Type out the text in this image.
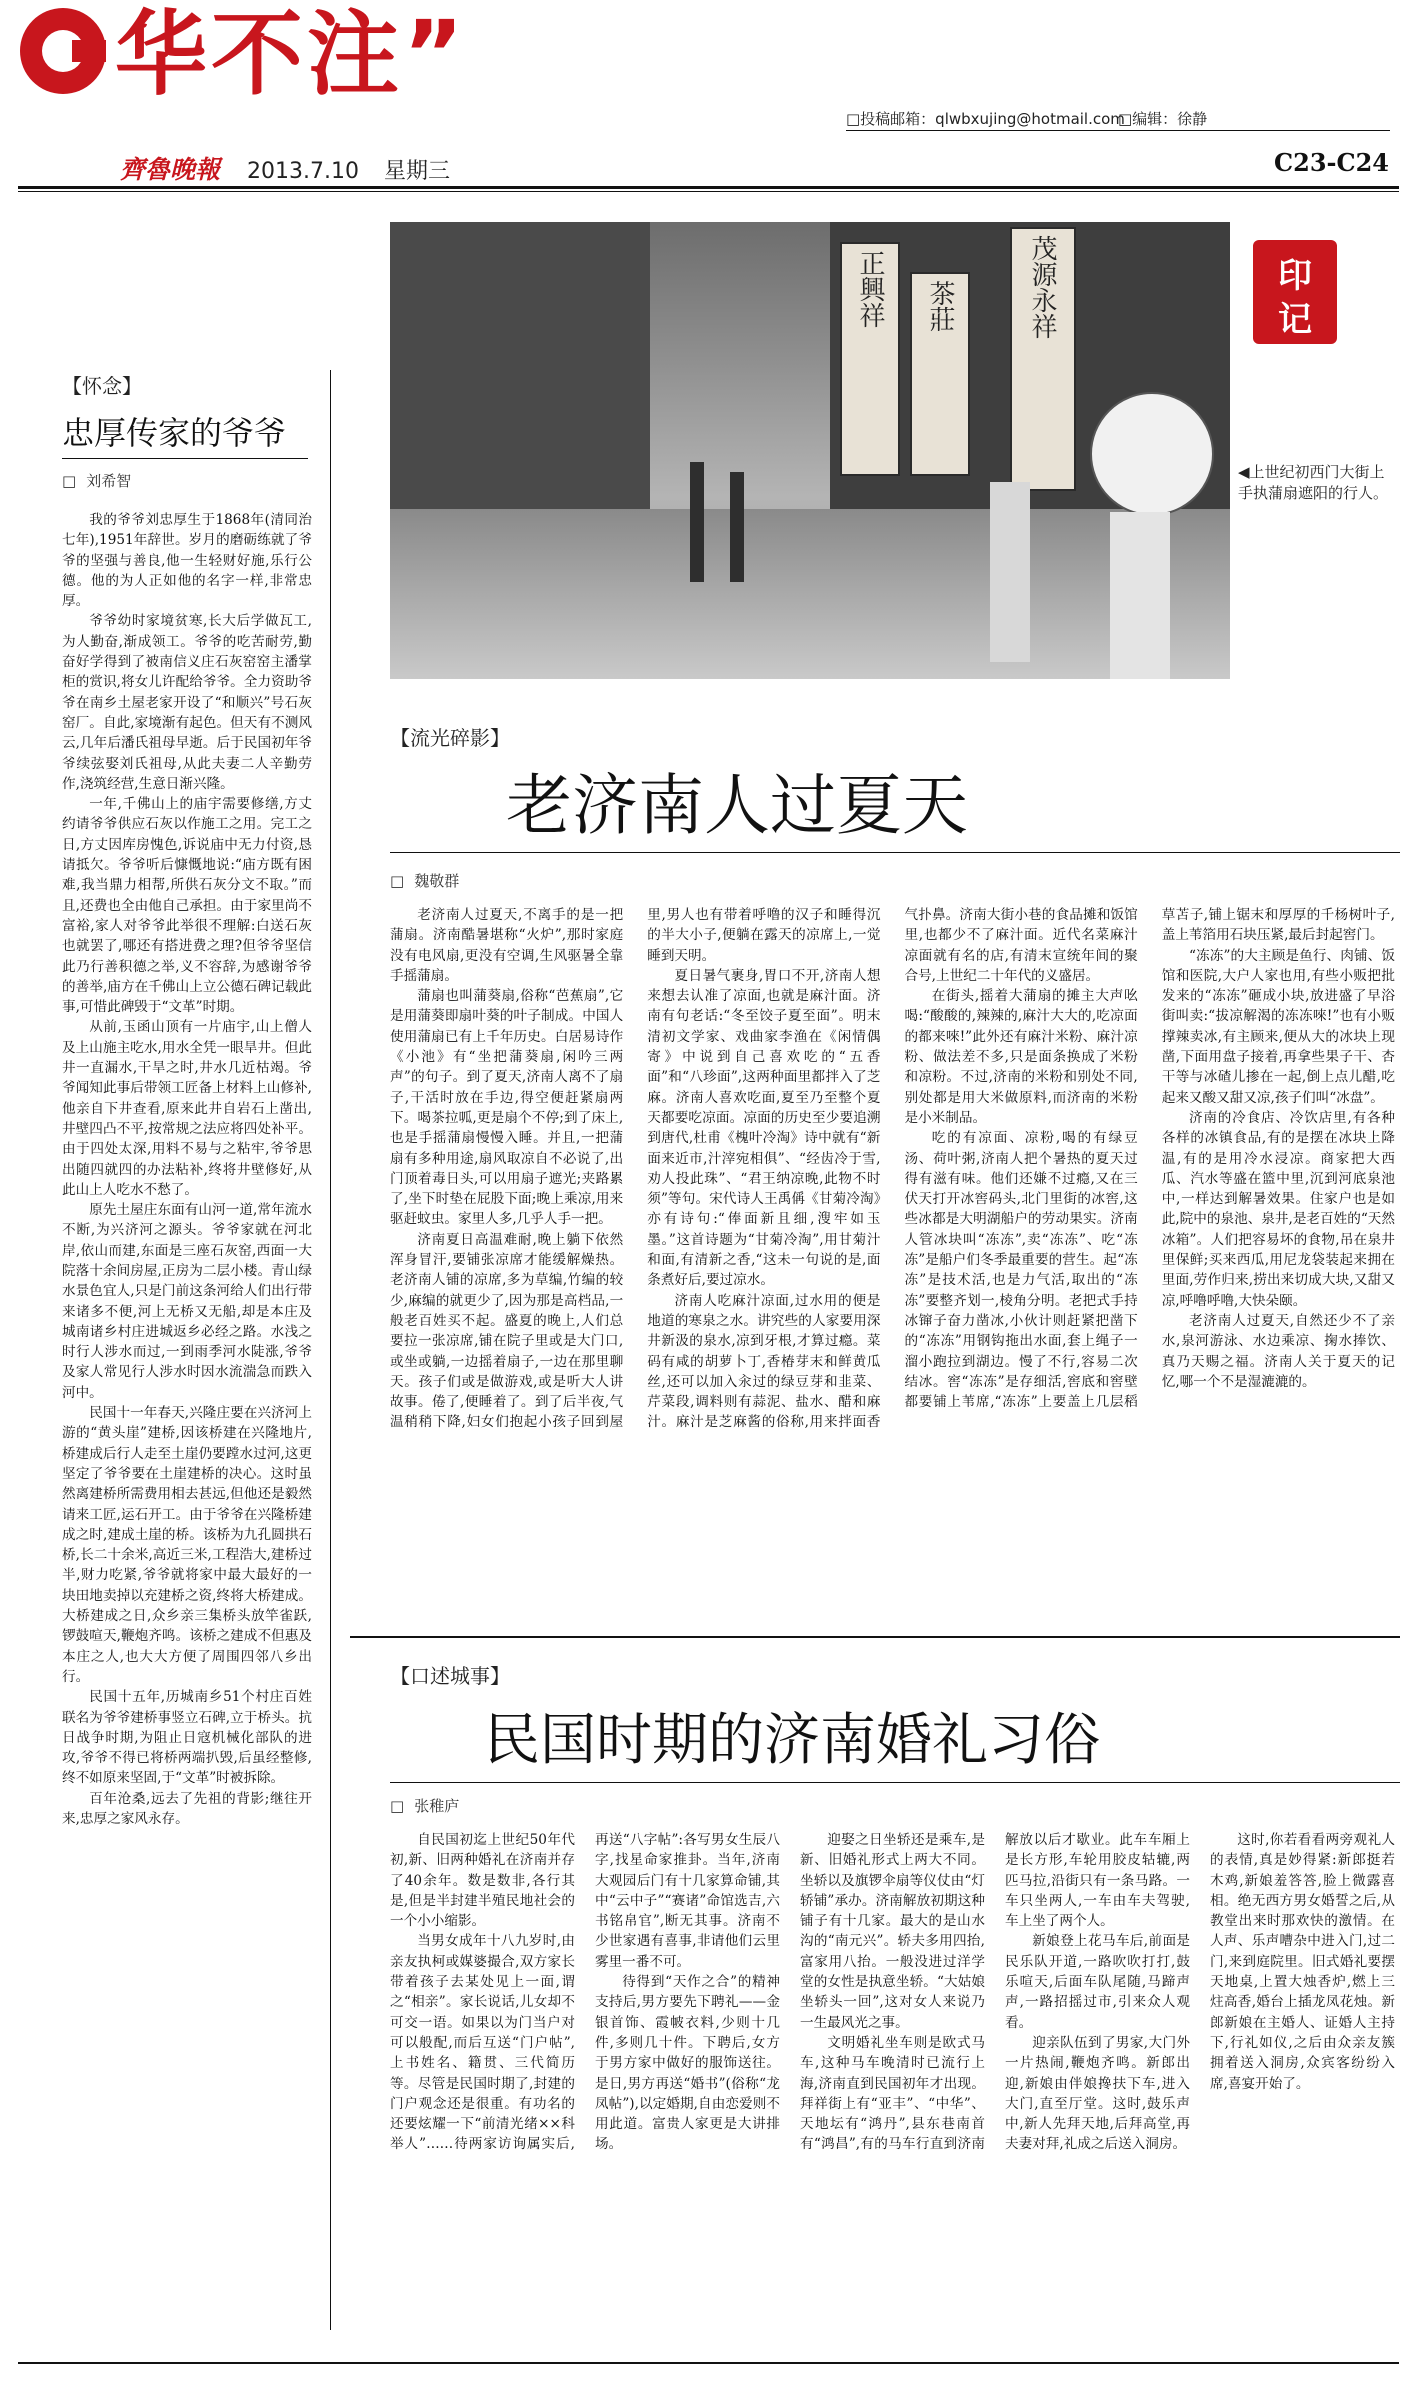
华不注”
□投稿邮箱：qlwbxujing@hotmail.com
□编辑：徐静
齊魯晚報 2013.7.10 星期三	C23-C24
【怀念】
忠厚传家的爷爷
□ 刘希智

我的爷爷刘忠厚生于1868年(清同治七年),1951年辞世。岁月的磨砺练就了爷爷的坚强与善良,他一生轻财好施,乐行公德。他的为人正如他的名字一样,非常忠厚。

爷爷幼时家境贫寒,长大后学做瓦工,为人勤奋,渐成领工。爷爷的吃苦耐劳,勤奋好学得到了被南信义庄石灰窑窑主潘掌柜的赏识,将女儿许配给爷爷。全力资助爷爷在南乡土屋老家开设了“和顺兴”号石灰窑厂。自此,家境渐有起色。但天有不测风云,几年后潘氏祖母早逝。后于民国初年爷爷续弦娶刘氏祖母,从此夫妻二人辛勤劳作,浇筑经营,生意日渐兴隆。

一年,千佛山上的庙宇需要修缮,方丈约请爷爷供应石灰以作施工之用。完工之日,方丈因库房愧色,诉说庙中无力付资,恳请抵欠。爷爷听后慷慨地说:“庙方既有困难,我当鼎力相帮,所供石灰分文不取。”而且,还费也全由他自己承担。由于家里尚不富裕,家人对爷爷此举很不理解:白送石灰也就罢了,哪还有搭进费之理?但爷爷坚信此乃行善积德之举,义不容辞,为感谢爷爷的善举,庙方在千佛山上立公德石碑记载此事,可惜此碑毁于“文革”时期。

从前,玉函山顶有一片庙宇,山上僧人及上山施主吃水,用水全凭一眼旱井。但此井一直漏水,干旱之时,井水几近枯竭。爷爷闻知此事后带领工匠备上材料上山修补,他亲自下井查看,原来此井自岩石上凿出,井壁四凸不平,按常规之法应将四处补平。由于四处太深,用料不易与之粘牢,爷爷思出随四就四的办法粘补,终将井壁修好,从此山上人吃水不愁了。

原先土屋庄东面有山河一道,常年流水不断,为兴济河之源头。爷爷家就在河北岸,依山而建,东面是三座石灰窑,西面一大院落十余间房屋,正房为二层小楼。青山绿水景色宜人,只是门前这条河给人们出行带来诸多不便,河上无桥又无船,却是本庄及城南诸乡村庄进城返乡必经之路。水浅之时行人涉水而过,一到雨季河水陡涨,爷爷及家人常见行人涉水时因水流湍急而跌入河中。

民国十一年春天,兴隆庄要在兴济河上游的“黄头崖”建桥,因该桥建在兴隆地片,桥建成后行人走至土崖仍要蹚水过河,这更坚定了爷爷要在土崖建桥的决心。这时虽然离建桥所需费用相去甚远,但他还是毅然请来工匠,运石开工。由于爷爷在兴隆桥建成之时,建成土崖的桥。该桥为九孔圆拱石桥,长二十余米,高近三米,工程浩大,建桥过半,财力吃紧,爷爷就将家中最大最好的一块田地卖掉以充建桥之资,终将大桥建成。大桥建成之日,众乡亲三集桥头放竿雀跃,锣鼓喧天,鞭炮齐鸣。该桥之建成不但惠及本庄之人,也大大方便了周围四邻八乡出行。

民国十五年,历城南乡51个村庄百姓联名为爷爷建桥事竖立石碑,立于桥头。抗日战争时期,为阻止日寇机械化部队的进攻,爷爷不得已将桥两端扒毁,后虽经整修,终不如原来坚固,于“文革”时被拆除。

百年沧桑,远去了先祖的背影;继往开来,忠厚之家风永存。

正興祥	茶莊	茂源永祥	印
记
◀上世纪初西门大街上手执蒲扇遮阳的行人。
【流光碎影】
老济南人过夏天
□ 魏敬群

老济南人过夏天,不离手的是一把蒲扇。济南酷暑堪称“火炉”,那时家庭没有电风扇,更没有空调,生风驱暑全靠手摇蒲扇。

蒲扇也叫蒲葵扇,俗称“芭蕉扇”,它是用蒲葵即扇叶葵的叶子制成。中国人使用蒲扇已有上千年历史。白居易诗作《小池》有“坐把蒲葵扇,闲吟三两声”的句子。到了夏天,济南人离不了扇子,干活时放在手边,得空便赶紧扇两下。喝茶拉呱,更是扇个不停;到了床上,也是手摇蒲扇慢慢入睡。并且,一把蒲扇有多种用途,扇风取凉自不必说了,出门顶着毒日头,可以用扇子遮光;夹路累了,坐下时垫在屁股下面;晚上乘凉,用来驱赶蚊虫。家里人多,几乎人手一把。

济南夏日高温难耐,晚上躺下依然浑身冒汗,要铺张凉席才能缓解燥热。老济南人铺的凉席,多为草编,竹编的较少,麻编的就更少了,因为那是高档品,一般老百姓买不起。盛夏的晚上,人们总要拉一张凉席,铺在院子里或是大门口,或坐或躺,一边摇着扇子,一边在那里聊天。孩子们或是做游戏,或是听大人讲故事。倦了,便睡着了。到了后半夜,气温稍稍下降,妇女们抱起小孩子回到屋里,男人也有带着呼噜的汉子和睡得沉的半大小子,便躺在露天的凉席上,一觉睡到天明。

夏日暑气裹身,胃口不开,济南人想来想去认准了凉面,也就是麻汁面。济南有句老话:“冬至饺子夏至面”。明末清初文学家、戏曲家李渔在《闲情偶寄》中说到自己喜欢吃的“五香面”和“八珍面”,这两种面里都拌入了芝麻。济南人喜欢吃面,夏至乃至整个夏天都要吃凉面。凉面的历史至少要追溯到唐代,杜甫《槐叶冷淘》诗中就有“新面来近市,汁滓宛相俱”、“经齿冷于雪,劝人投此珠”、“君王纳凉晚,此物不时须”等句。宋代诗人王禹偁《甘菊冷淘》亦有诗句:“俸面新且细,溲牢如玉墨。”这首诗题为“甘菊冷淘”,用甘菊汁和面,有清新之香,“这未一句说的是,面条煮好后,要过凉水。

济南人吃麻汁凉面,过水用的便是地道的寒泉之水。讲究些的人家要用深井新汲的泉水,凉到牙根,才算过瘾。菜码有咸的胡萝卜丁,香椿芽末和鲜黄瓜丝,还可以加入汆过的绿豆芽和韭菜、芹菜段,调料则有蒜泥、盐水、醋和麻汁。麻汁是芝麻酱的俗称,用来拌面香气扑鼻。济南大街小巷的食品摊和饭馆里,也都少不了麻汁面。近代名菜麻汁凉面就有名的店,有清末宣统年间的聚合号,上世纪二十年代的义盛居。

在街头,摇着大蒲扇的摊主大声吆喝:“酸酸的,辣辣的,麻汁大大的,吃凉面的都来唻!”此外还有麻汁米粉、麻汁凉粉、做法差不多,只是面条换成了米粉和凉粉。不过,济南的米粉和别处不同,别处都是用大米做原料,而济南的米粉是小米制品。

吃的有凉面、凉粉,喝的有绿豆汤、荷叶粥,济南人把个暑热的夏天过得有滋有味。他们还嫌不过瘾,又在三伏天打开冰窖码头,北门里街的冰窖,这些冰都是大明湖船户的劳动果实。济南人管冰块叫“冻冻”,卖“冻冻”、吃“冻冻”是船户们冬季最重要的营生。起“冻冻”是技术活,也是力气活,取出的“冻冻”要整齐划一,棱角分明。老把式手持冰镩子奋力凿冰,小伙计则赶紧把凿下的“冻冻”用钢钩拖出水面,套上绳子一溜小跑拉到湖边。慢了不行,容易二次结冰。窖“冻冻”是存细活,窖底和窖壁都要铺上苇席,“冻冻”上要盖上几层稻草苫子,铺上锯末和厚厚的千杨树叶子,盖上苇箔用石块压紧,最后封起窖门。

“冻冻”的大主顾是鱼行、肉铺、饭馆和医院,大户人家也用,有些小贩把批发来的“冻冻”砸成小块,放进盛了早浴街叫卖:“拔凉解渴的冻冻唻!”也有小贩撑辣卖冰,有主顾来,便从大的冰块上现凿,下面用盘子接着,再拿些果子干、杏干等与冰碴儿掺在一起,倒上点儿醋,吃起来又酸又甜又凉,孩子们叫“冰盘”。

济南的冷食店、冷饮店里,有各种各样的冰镇食品,有的是摆在冰块上降温,有的是用冷水浸凉。商家把大西瓜、汽水等盛在篮中里,沉到河底泉池中,一样达到解暑效果。住家户也是如此,院中的泉池、泉井,是老百姓的“天然冰箱”。人们把容易坏的食物,吊在泉井里保鲜;买来西瓜,用尼龙袋装起来拥在里面,劳作归来,捞出来切成大块,又甜又凉,呼噜呼噜,大快朵颐。

老济南人过夏天,自然还少不了亲水,泉河游泳、水边乘凉、掬水捧饮、真乃天赐之福。济南人关于夏天的记忆,哪一个不是湿漉漉的。

【口述城事】
民国时期的济南婚礼习俗
□ 张稚庐

自民国初迄上世纪50年代初,新、旧两种婚礼在济南并存了40余年。数是数非,各行其是,但是半封建半殖民地社会的一个小小缩影。

当男女成年十八九岁时,由亲友执柯或媒婆撮合,双方家长带着孩子去某处见上一面,谓之“相亲”。家长说话,儿女却不可交一语。如果以为门当户对可以般配,而后互送“门户帖”,上书姓名、籍贯、三代简历等。尽管是民国时期了,封建的门户观念还是很重。有功名的还要炫耀一下“前清光绪××科举人”……待两家访询属实后,再送“八字帖”:各写男女生辰八字,找星命家推卦。当年,济南大观园后门有十几家算命铺,其中“云中子”“赛诸”命馆选吉,六书铭帛官”,断无其事。济南不少世家遇有喜事,非请他们云里雾里一番不可。

待得到“天作之合”的精神支持后,男方要先下聘礼——金银首饰、霞帔衣料,少则十几件,多则几十件。下聘后,女方于男方家中做好的服饰送往。是日,男方再送“婚书”(俗称“龙凤帖”),以定婚期,自由恋爱则不用此道。富贵人家更是大讲排场。

迎娶之日坐轿还是乘车,是新、旧婚礼形式上两大不同。坐轿以及旗锣伞扇等仪仗由“灯轿铺”承办。济南解放初期这种铺子有十几家。最大的是山水沟的“南元兴”。轿夫多用四抬,富家用八抬。一般没进过洋学堂的女性是执意坐轿。“大姑娘坐轿头一回”,这对女人来说乃一生最风光之事。

文明婚礼坐车则是欧式马车,这种马车晚清时已流行上海,济南直到民国初年才出现。拜祥街上有“亚丰”、“中华”、天地坛有“鸿丹”,县东巷南首有“鸿昌”,有的马车行直到济南解放以后才歇业。此车车厢上是长方形,车轮用胶皮轱辘,两匹马拉,沿街只有一条马路。一车只坐两人,一车由车夫驾驶,车上坐了两个人。

新娘登上花马车后,前面是民乐队开道,一路吹吹打打,鼓乐喧天,后面车队尾随,马蹄声声,一路招摇过市,引来众人观看。

迎亲队伍到了男家,大门外一片热闹,鞭炮齐鸣。新郎出迎,新娘由伴娘搀扶下车,进入大门,直至厅堂。这时,鼓乐声中,新人先拜天地,后拜高堂,再夫妻对拜,礼成之后送入洞房。

这时,你若看看两旁观礼人的表情,真是妙得紧:新郎挺若木鸡,新娘羞答答,脸上微露喜相。绝无西方男女婚誓之后,从教堂出来时那欢快的激情。在人声、乐声嘈杂中进入门,过二门,来到庭院里。旧式婚礼要摆天地桌,上置大烛香炉,燃上三炷高香,婚台上插龙凤花烛。新郎新娘在主婚人、证婚人主持下,行礼如仪,之后由众亲友簇拥着送入洞房,众宾客纷纷入席,喜宴开始了。
